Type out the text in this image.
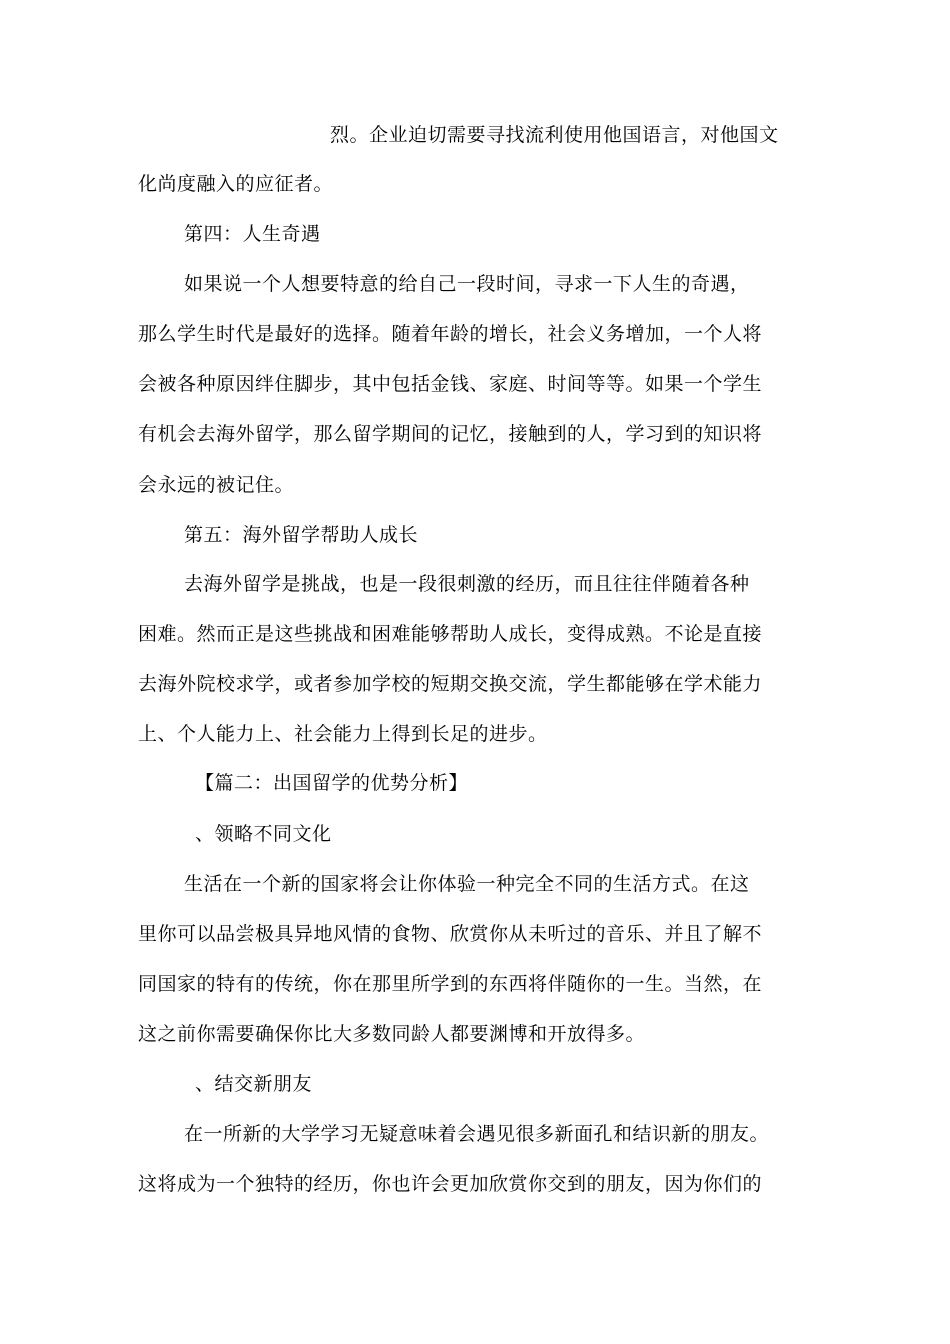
烈。企业迫切需要寻找流利使用他国语言，对他国文
化尚度融入的应征者。
第四：人生奇遇
如果说一个人想要特意的给自己一段时间，寻求一下人生的奇遇，
那么学生时代是最好的选择。随着年龄的增长，社会义务增加，一个人将
会被各种原因绊住脚步，其中包括金钱、家庭、时间等等。如果一个学生
有机会去海外留学，那么留学期间的记忆，接触到的人，学习到的知识将
会永远的被记住。
第五：海外留学帮助人成长
去海外留学是挑战，也是一段很刺激的经历，而且往往伴随着各种
困难。然而正是这些挑战和困难能够帮助人成长，变得成熟。不论是直接
去海外院校求学，或者参加学校的短期交换交流，学生都能够在学术能力
上、个人能力上、社会能力上得到长足的进步。
【篇二：出国留学的优势分析】
、领略不同文化
生活在一个新的国家将会让你体验一种完全不同的生活方式。在这
里你可以品尝极具异地风情的食物、欣赏你从未听过的音乐、并且了解不
同国家的特有的传统，你在那里所学到的东西将伴随你的一生。当然，在
这之前你需要确保你比大多数同龄人都要渊博和开放得多。
、结交新朋友
在一所新的大学学习无疑意味着会遇见很多新面孔和结识新的朋友。
这将成为一个独特的经历，你也许会更加欣赏你交到的朋友，因为你们的
